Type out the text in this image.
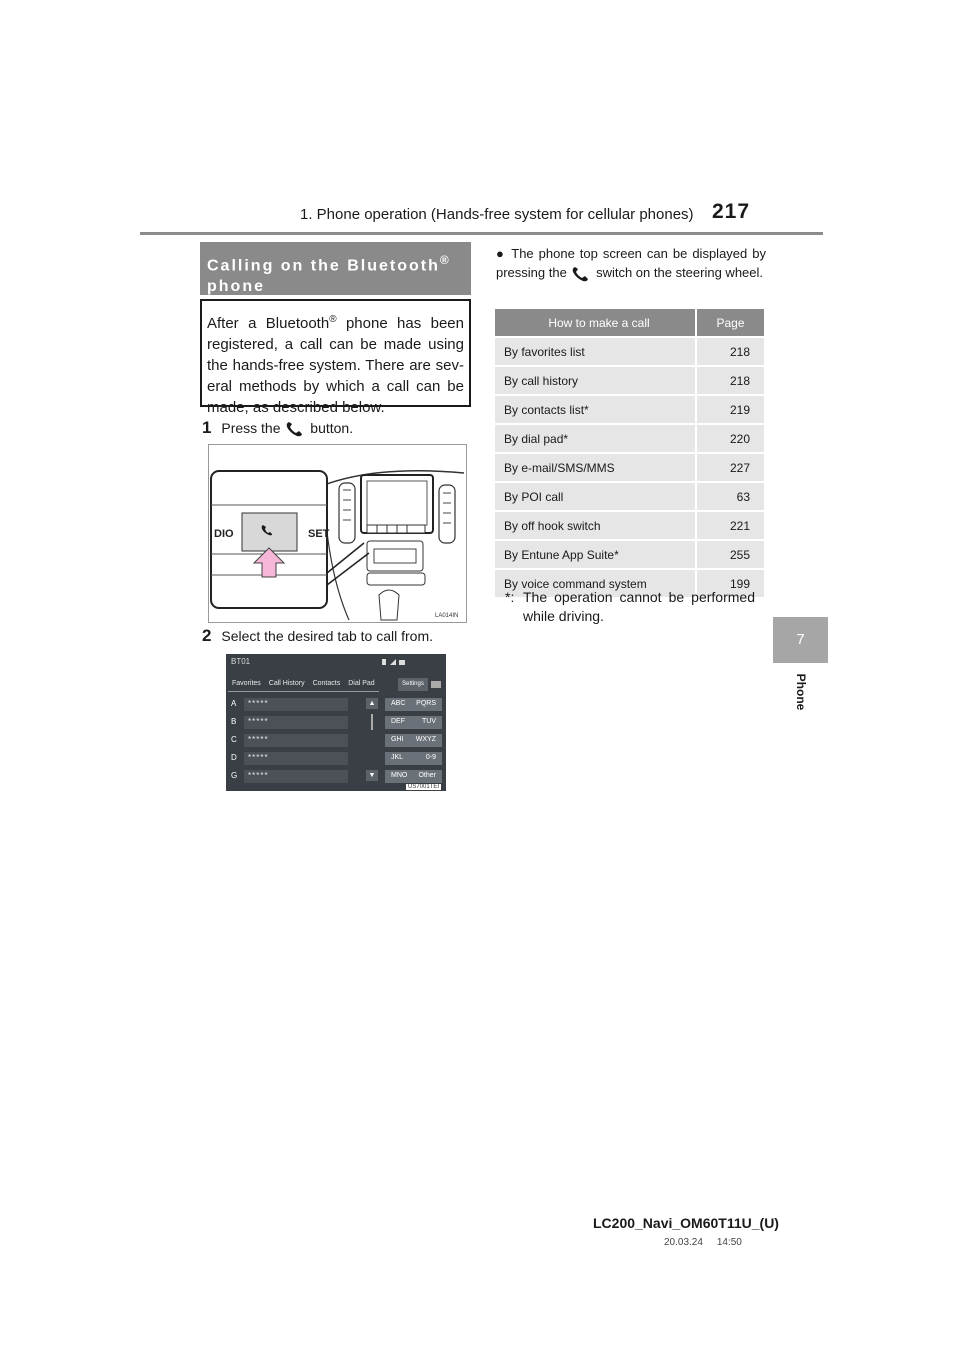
1. Phone operation (Hands-free system for cellular phones) 217
7
Phone
Calling on the Bluetooth®
phone
After a Bluetooth® phone has been registered, a call can be made using the hands-free system. There are sev-eral methods by which a call can be made, as described below.
1 Press the button.
DIO	SET
LA014IN
2 Select the desired tab to call from.
BT01
Favorites	Call History	Contacts	Dial Pad	Settings
A *****
B *****
C *****
D *****
G *****
▲
▼
ABC PQRS
DEF TUV
GHI WXYZ
JKL	0-9
MNO Other
US7001TEI
● The phone top screen can be displayed by pressing the switch on the steering wheel.
How to make a call	Page
By favorites list	218
By call history	218
By contacts list*	219
By dial pad*	220
By e-mail/SMS/MMS	227
By POI call	63
By off hook switch	221
By Entune App Suite*	255
By voice command system	199
*: The operation cannot be performed while driving.
LC200_Navi_OM60T11U_(U)
20.03.24     14:50
